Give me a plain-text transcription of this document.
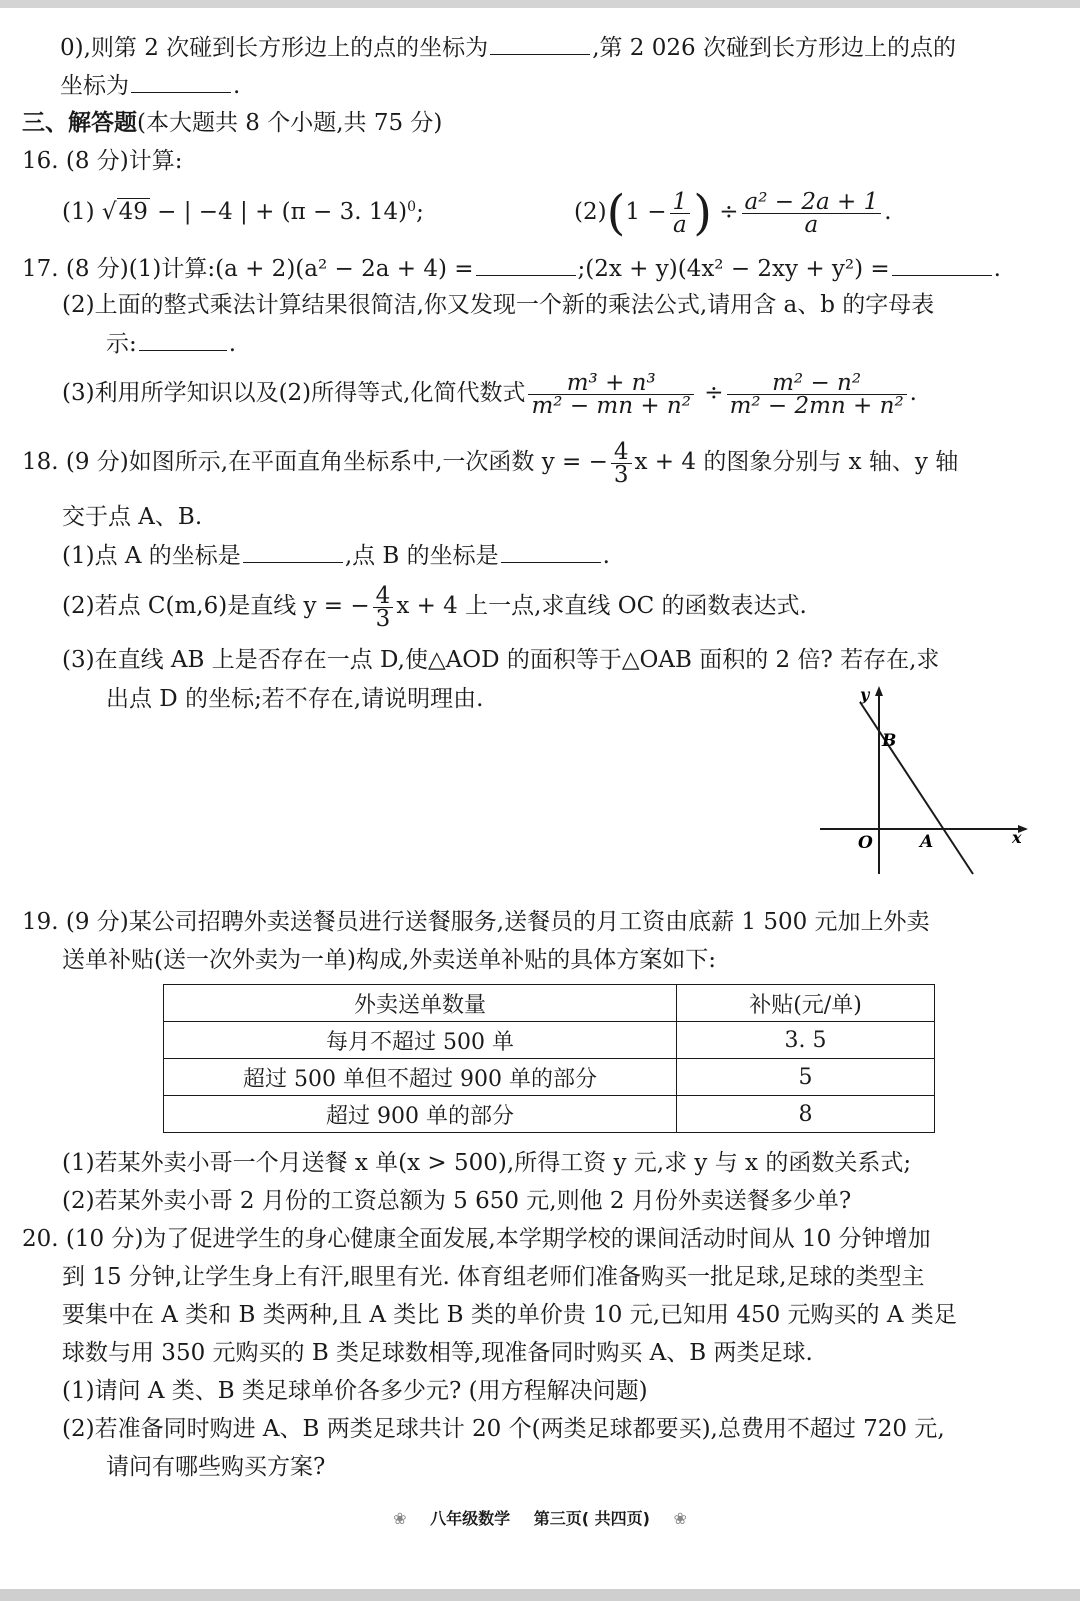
0),则第 2 次碰到长方形边上的点的坐标为	,第 2 026 次碰到长方形边上的点的
坐标为	.
三、解答题(本大题共 8 个小题,共 75 分)
16. (8 分)计算:
(1) √49 − | −4 | + (π − 3. 14)$^0$;	$(2)(1 - \frac{1}{a}$ ) ÷ $\frac{\text{a² − 2a + 1}}{a}$ .
17. (8 分)(1)计算:(a + 2)(a² − 2a + 4) =	;(2x + y)(4x² − 2xy + y²) =	.
(2)上面的整式乘法计算结果很简洁,你又发现一个新的乘法公式,请用含 a、b 的字母表
示:	.
(3)利用所学知识以及(2)所得等式,化简代数式 $\frac{\text{m³ + n³}}{\text{m² − mn + n²}} \div \frac{\text{m² − n²}}{\text{m² − 2mn + n²}}$ .
18. (9 分)如图所示,在平面直角坐标系中,一次函数 y = − $\frac{4}{3}$ x + 4 的图象分别与 x 轴、y 轴
交于点 A、B.
(1)点 A 的坐标是	,点 B 的坐标是	.
(2)若点 C(m,6)是直线 y = − $\frac{4}{3}$ x + 4 上一点,求直线 OC 的函数表达式.
(3)在直线 AB 上是否存在一点 D,使△AOD 的面积等于△OAB 面积的 2 倍? 若存在,求
出点 D 的坐标;若不存在,请说明理由.	y
x
O	A
B
19. (9 分)某公司招聘外卖送餐员进行送餐服务,送餐员的月工资由底薪 1 500 元加上外卖
送单补贴(送一次外卖为一单)构成,外卖送单补贴的具体方案如下:
外卖送单数量	补贴(元/单)
每月不超过 500 单	3. 5
超过 500 单但不超过 900 单的部分	5
超过 900 单的部分	8
(1)若某外卖小哥一个月送餐 x 单(x > 500),所得工资 y 元,求 y 与 x 的函数关系式;
(2)若某外卖小哥 2 月份的工资总额为 5 650 元,则他 2 月份外卖送餐多少单?
20. (10 分)为了促进学生的身心健康全面发展,本学期学校的课间活动时间从 10 分钟增加
到 15 分钟,让学生身上有汗,眼里有光. 体育组老师们准备购买一批足球,足球的类型主
要集中在 A 类和 B 类两种,且 A 类比 B 类的单价贵 10 元,已知用 450 元购买的 A 类足
球数与用 350 元购买的 B 类足球数相等,现准备同时购买 A、B 两类足球.
(1)请问 A 类、B 类足球单价各多少元? (用方程解决问题)
(2)若准备同时购进 A、B 两类足球共计 20 个(两类足球都要买),总费用不超过 720 元,
请问有哪些购买方案?
❀ 八年级数学 第三页( 共四页) ❀
